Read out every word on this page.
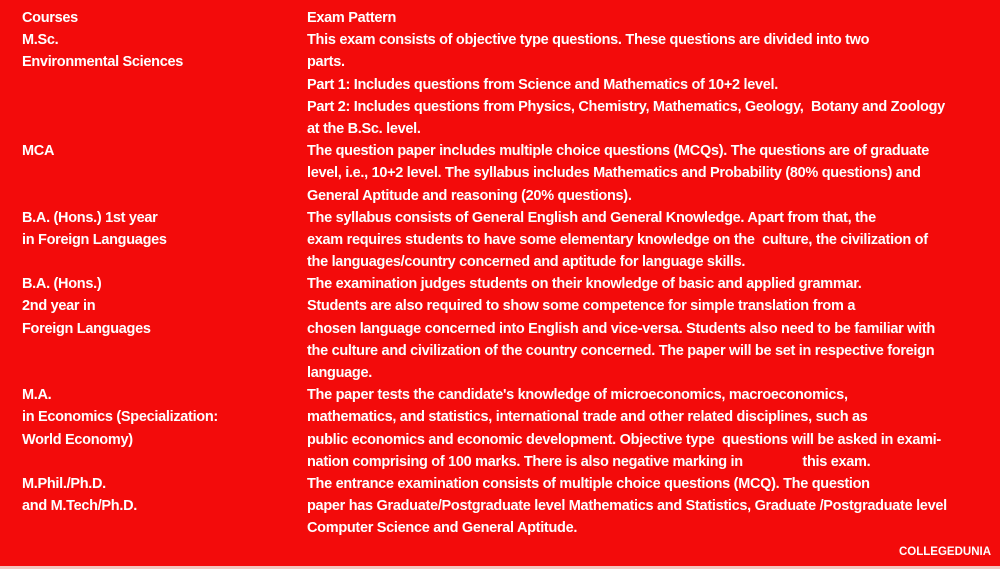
Courses	Exam Pattern
M.Sc.
Environmental Sciences
This exam consists of objective type questions. These questions are divided into two
parts.
Part 1: Includes questions from Science and Mathematics of 10+2 level.
Part 2: Includes questions from Physics, Chemistry, Mathematics, Geology,  Botany and Zoology
at the B.Sc. level.
MCA	The question paper includes multiple choice questions (MCQs). The questions are of graduate
level, i.e., 10+2 level. The syllabus includes Mathematics and Probability (80% questions) and
General Aptitude and reasoning (20% questions).
B.A. (Hons.) 1st year
in Foreign Languages
The syllabus consists of General English and General Knowledge. Apart from that, the
exam requires students to have some elementary knowledge on the  culture, the civilization of
the languages/country concerned and aptitude for language skills.
B.A. (Hons.)
2nd year in
Foreign Languages
The examination judges students on their knowledge of basic and applied grammar.
Students are also required to show some competence for simple translation from a
chosen language concerned into English and vice-versa. Students also need to be familiar with
the culture and civilization of the country concerned. The paper will be set in respective foreign
language.
M.A.
in Economics (Specialization:
World Economy)
The paper tests the candidate's knowledge of microeconomics, macroeconomics,
mathematics, and statistics, international trade and other related disciplines, such as
public economics and economic development. Objective type  questions will be asked in exami-
nation comprising of 100 marks. There is also negative marking in                this exam.
M.Phil./Ph.D.
and M.Tech/Ph.D.
The entrance examination consists of multiple choice questions (MCQ). The question
paper has Graduate/Postgraduate level Mathematics and Statistics, Graduate /Postgraduate level
Computer Science and General Aptitude.
COLLEGEDUNIA
